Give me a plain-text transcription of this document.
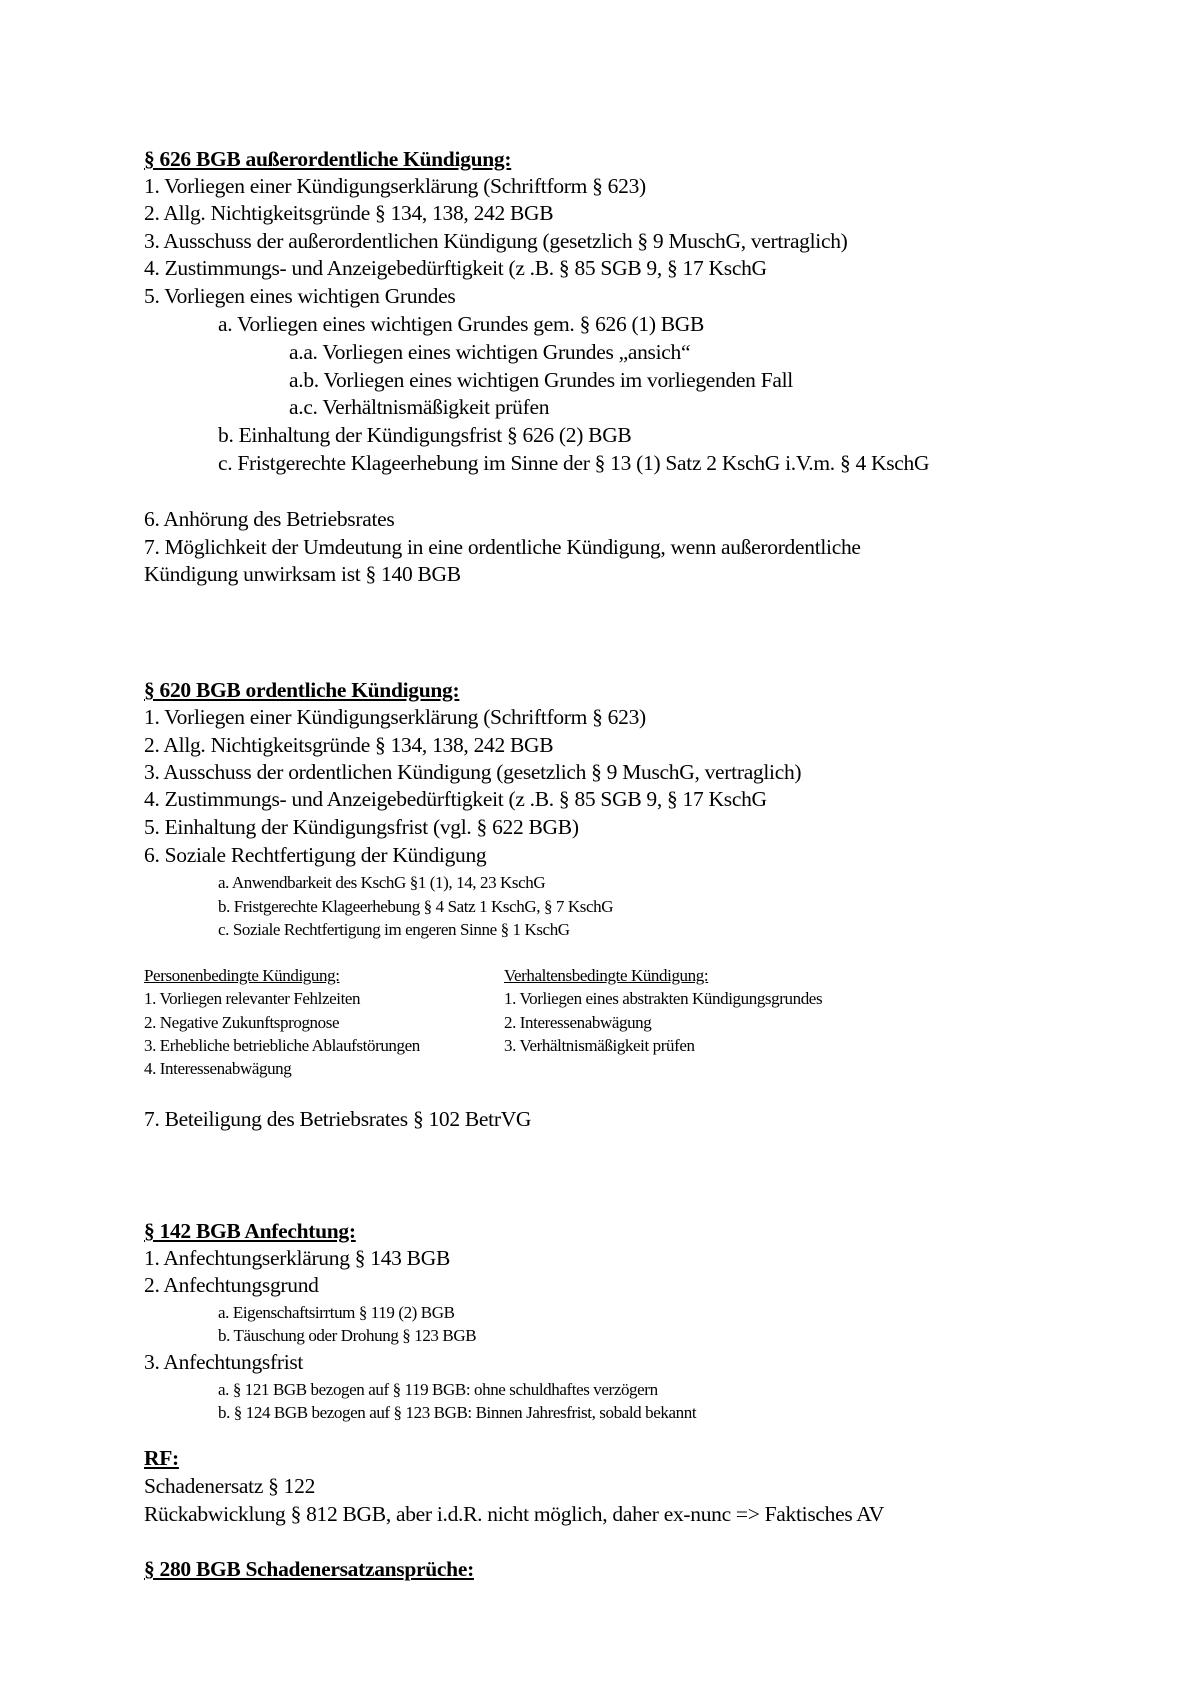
§ 626 BGB außerordentliche Kündigung:
1. Vorliegen einer Kündigungserklärung (Schriftform § 623)
2. Allg. Nichtigkeitsgründe § 134, 138, 242 BGB
3. Ausschuss der außerordentlichen Kündigung (gesetzlich § 9 MuschG, vertraglich)
4. Zustimmungs- und Anzeigebedürftigkeit (z .B. § 85 SGB 9, § 17 KschG
5. Vorliegen eines wichtigen Grundes
a. Vorliegen eines wichtigen Grundes gem. § 626 (1) BGB
a.a. Vorliegen eines wichtigen Grundes „ansich“
a.b. Vorliegen eines wichtigen Grundes im vorliegenden Fall
a.c. Verhältnismäßigkeit prüfen
b. Einhaltung der Kündigungsfrist § 626 (2) BGB
c. Fristgerechte Klageerhebung im Sinne der § 13 (1) Satz 2 KschG i.V.m. § 4 KschG
6. Anhörung des Betriebsrates
7. Möglichkeit der Umdeutung in eine ordentliche Kündigung, wenn außerordentliche
Kündigung unwirksam ist § 140 BGB
§ 620 BGB ordentliche Kündigung:
1. Vorliegen einer Kündigungserklärung (Schriftform § 623)
2. Allg. Nichtigkeitsgründe § 134, 138, 242 BGB
3. Ausschuss der ordentlichen Kündigung (gesetzlich § 9 MuschG, vertraglich)
4. Zustimmungs- und Anzeigebedürftigkeit (z .B. § 85 SGB 9, § 17 KschG
5. Einhaltung der Kündigungsfrist (vgl. § 622 BGB)
6. Soziale Rechtfertigung der Kündigung
a. Anwendbarkeit des KschG §1 (1), 14, 23 KschG
b. Fristgerechte Klageerhebung § 4 Satz 1 KschG, § 7 KschG
c. Soziale Rechtfertigung im engeren Sinne § 1 KschG
Personenbedingte Kündigung:
1. Vorliegen relevanter Fehlzeiten
2. Negative Zukunftsprognose
3. Erhebliche betriebliche Ablaufstörungen
4. Interessenabwägung
Verhaltensbedingte Kündigung:
1. Vorliegen eines abstrakten Kündigungsgrundes
2. Interessenabwägung
3. Verhältnismäßigkeit prüfen
7. Beteiligung des Betriebsrates § 102 BetrVG
§ 142 BGB Anfechtung:
1. Anfechtungserklärung § 143 BGB
2. Anfechtungsgrund
a. Eigenschaftsirrtum § 119 (2) BGB
b. Täuschung oder Drohung § 123 BGB
3. Anfechtungsfrist
a. § 121 BGB bezogen auf § 119 BGB: ohne schuldhaftes verzögern
b. § 124 BGB bezogen auf § 123 BGB: Binnen Jahresfrist, sobald bekannt
RF:
Schadenersatz § 122
Rückabwicklung § 812 BGB, aber i.d.R. nicht möglich, daher ex-nunc => Faktisches AV
§ 280 BGB Schadenersatzansprüche:
